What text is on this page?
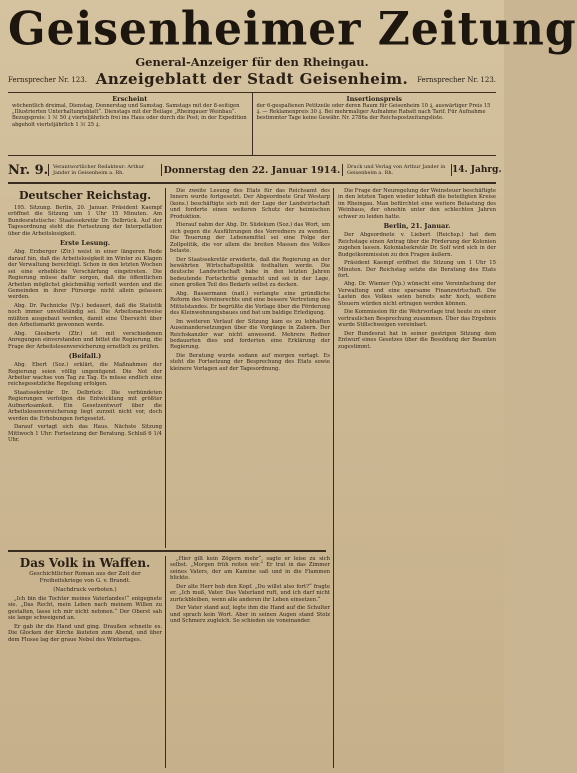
Geisenheimer Zeitung
General-Anzeiger für den Rheingau.
Fernsprecher Nr. 123. Anzeigeblatt der Stadt Geisenheim.	Fernsprecher Nr. 123.
Erscheint
wöchentlich dreimal, Dienstag, Donnerstag und Samstag. Samstags mit der 8-seitigen „Illustrierten Unterhaltungsblatt“. Dienstags mit der Beilage „Rheingauer Weinbau“. Bezugspreis: 1 ℳ 50 ₰ vierteljährlich frei ins Haus oder durch die Post; in der Expedition abgeholt vierteljährlich 1 ℳ 25 ₰.
Insertionspreis
der 6-gespaltenen Petitzeile oder deren Raum für Geisenheim 10 ₰, auswärtiger Preis 15 ₰. — Reklamenpreis 30 ₰. Bei mehrmaliger Aufnahme Rabatt nach Tarif. Für Aufnahme bestimmter Tage keine Gewähr. Nr. 2786a der Reichspostzeitungsliste.
Nr. 9. Verantwortlicher Redakteur: Arthur Jander in Geisenheim a. Rh.	Donnerstag den 22. Januar 1914.	Druck und Verlag von Arthur Jander in Geisenheim a. Rh.	14. Jahrg.
Deutscher Reichstag.

195. Sitzung. Berlin, 20. Januar. Präsident Kaempf eröffnet die Sitzung um 1 Uhr 15 Minuten. Am Bundesratstische: Staatssekretär Dr. Delbrück. Auf der Tagesordnung steht die Fortsetzung der Interpellation über die Arbeitslosigkeit.

Erste Lesung.

Abg. Erzberger (Ztr.) weist in einer längeren Rede darauf hin, daß die Arbeitslosigkeit im Winter zu Klagen der Verwaltung berechtigt. Schon in den letzten Wochen sei eine erhebliche Verschärfung eingetreten. Die Regierung müsse dafür sorgen, daß die öffentlichen Arbeiten möglichst gleichmäßig verteilt werden und die Gemeinden in ihrer Fürsorge nicht allein gelassen werden.

Abg. Dr. Pachnicke (Vp.) bedauert, daß die Statistik noch immer unvollständig sei. Die Arbeitsnachweise müßten ausgebaut werden, damit eine Übersicht über den Arbeitsmarkt gewonnen werde.

Abg. Giesberts (Ztr.) ist mit verschiedenen Anregungen einverstanden und bittet die Regierung, die Frage der Arbeitslosenversicherung ernstlich zu prüfen.

(Beifall.)

Abg. Ebert (Soz.) erklärt, die Maßnahmen der Regierung seien völlig ungenügend. Die Not der Arbeiter wachse von Tag zu Tag. Es müsse endlich eine reichsgesetzliche Regelung erfolgen.

Staatssekretär Dr. Delbrück: Die verbündeten Regierungen verfolgen die Entwicklung mit größter Aufmerksamkeit. Ein Gesetzentwurf über die Arbeitslosenversicherung liegt zurzeit nicht vor, doch werden die Erhebungen fortgesetzt.

Darauf vertagt sich das Haus. Nächste Sitzung Mittwoch 1 Uhr: Fortsetzung der Beratung. Schluß 6 1/4 Uhr.

Die zweite Lesung des Etats für das Reichsamt des Innern wurde fortgesetzt. Der Abgeordnete Graf Westarp (kons.) beschäftigte sich mit der Lage der Landwirtschaft und forderte einen weiteren Schutz der heimischen Produktion.

Hierauf nahm der Abg. Dr. Südekum (Soz.) das Wort, um sich gegen die Ausführungen des Vorredners zu wenden. Die Teuerung der Lebensmittel sei eine Folge der Zollpolitik, die vor allem die breiten Massen des Volkes belaste.

Der Staatssekretär erwiderte, daß die Regierung an der bewährten Wirtschaftspolitik festhalten werde. Die deutsche Landwirtschaft habe in den letzten Jahren bedeutende Fortschritte gemacht und sei in der Lage, einen großen Teil des Bedarfs selbst zu decken.

Abg. Bassermann (natl.) verlangte eine gründliche Reform des Vereinsrechts und eine bessere Vertretung des Mittelstandes. Er begrüßte die Vorlage über die Förderung des Kleinwohnungsbaues und bat um baldige Erledigung.

Im weiteren Verlauf der Sitzung kam es zu lebhaften Auseinandersetzungen über die Vorgänge in Zabern. Der Reichskanzler war nicht anwesend. Mehrere Redner bedauerten dies und forderten eine Erklärung der Regierung.

Die Beratung wurde sodann auf morgen vertagt. Es steht die Fortsetzung der Besprechung des Etats sowie kleinere Vorlagen auf der Tagesordnung.

Die Frage der Neuregelung der Weinsteuer beschäftigte in den letzten Tagen wieder lebhaft die beteiligten Kreise im Rheingau. Man befürchtet eine weitere Belastung des Weinbaus, der ohnehin unter den schlechten Jahren schwer zu leiden hatte.

Berlin, 21. Januar.

Der Abgeordnete v. Liebert (Reichsp.) hat dem Reichstage einen Antrag über die Förderung der Kolonien zugehen lassen. Kolonialsekretär Dr. Solf wird sich in der Budgetkommission zu den Fragen äußern.

Präsident Kaempf eröffnet die Sitzung um 1 Uhr 15 Minuten. Der Reichstag setzte die Beratung des Etats fort.

Abg. Dr. Wiemer (Vp.) wünscht eine Vereinfachung der Verwaltung und eine sparsame Finanzwirtschaft. Die Lasten des Volkes seien bereits sehr hoch, weitere Steuern würden nicht ertragen werden können.

Die Kommission für die Wehrvorlage trat heute zu einer vertraulichen Besprechung zusammen. Über das Ergebnis wurde Stillschweigen vereinbart.

Der Bundesrat hat in seiner gestrigen Sitzung dem Entwurf eines Gesetzes über die Besoldung der Beamten zugestimmt.

Das Volk in Waffen.
Geschichtlicher Roman aus der Zeit der Freiheitskriege von G. v. Brandt.
(Nachdruck verboten.)

„Ich bin die Tochter meines Vaterlandes!“ entgegnete sie. „Das Recht, mein Leben nach meinem Willen zu gestalten, lasse ich mir nicht nehmen.“ Der Oberst sah sie lange schweigend an.

Er gab ihr die Hand und ging. Draußen schneite es. Die Glocken der Kirche läuteten zum Abend, und über dem Flusse lag der graue Nebel des Wintertages.

„Hier gilt kein Zögern mehr“, sagte er leise zu sich selbst. „Morgen früh reiten wir.“ Er trat in das Zimmer seines Vaters, der am Kamine saß und in die Flammen blickte.

Der alte Herr hob den Kopf. „Du willst also fort?“ fragte er. „Ich muß, Vater. Das Vaterland ruft, und ich darf nicht zurückbleiben, wenn alle anderen ihr Leben einsetzen.“

Der Vater stand auf, legte ihm die Hand auf die Schulter und sprach kein Wort. Aber in seinen Augen stand Stolz und Schmerz zugleich. So schieden sie voneinander.
